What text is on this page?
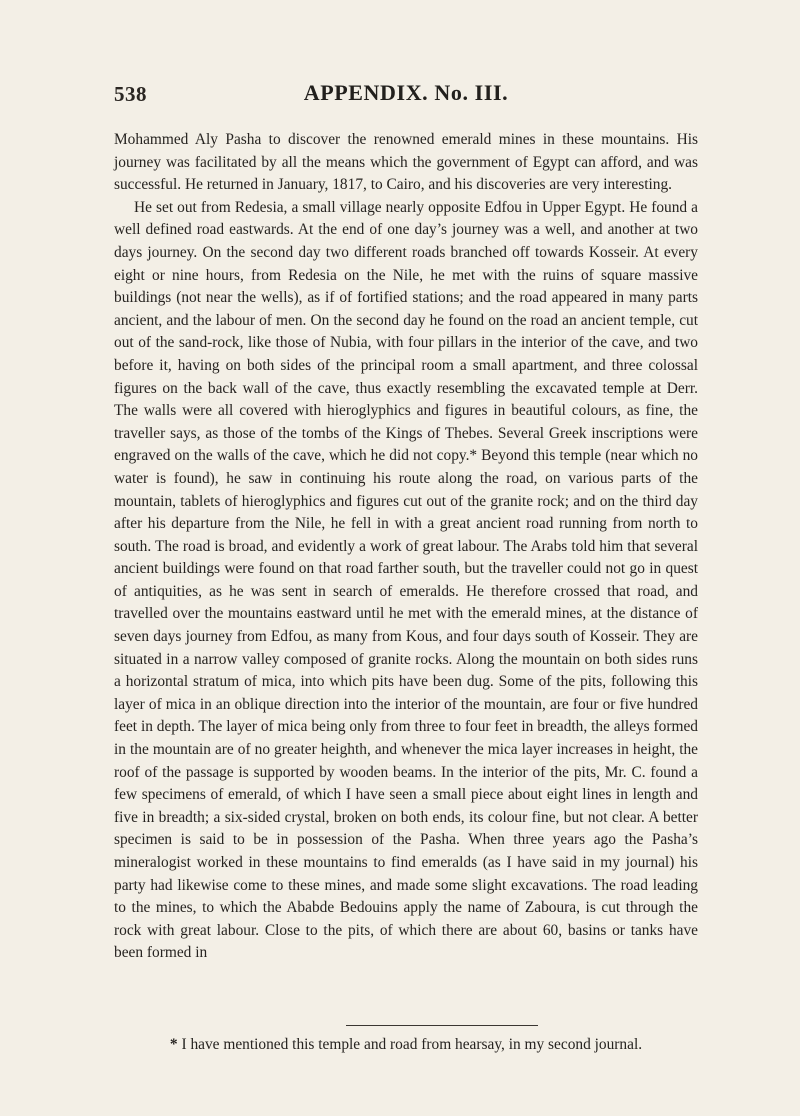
538	APPENDIX. No. III.

Mohammed Aly Pasha to discover the renowned emerald mines in these mountains. His journey was facilitated by all the means which the government of Egypt can afford, and was successful. He returned in January, 1817, to Cairo, and his discoveries are very interesting.

He set out from Redesia, a small village nearly opposite Edfou in Upper Egypt. He found a well defined road eastwards. At the end of one day’s journey was a well, and another at two days journey. On the second day two different roads branched off towards Kosseir. At every eight or nine hours, from Redesia on the Nile, he met with the ruins of square massive buildings (not near the wells), as if of fortified stations; and the road appeared in many parts ancient, and the labour of men. On the second day he found on the road an ancient temple, cut out of the sand-rock, like those of Nubia, with four pillars in the interior of the cave, and two before it, having on both sides of the principal room a small apartment, and three colossal figures on the back wall of the cave, thus exactly resembling the excavated temple at Derr. The walls were all covered with hieroglyphics and figures in beautiful colours, as fine, the traveller says, as those of the tombs of the Kings of Thebes. Several Greek inscriptions were engraved on the walls of the cave, which he did not copy.* Beyond this temple (near which no water is found), he saw in continuing his route along the road, on various parts of the mountain, tablets of hieroglyphics and figures cut out of the granite rock; and on the third day after his departure from the Nile, he fell in with a great ancient road running from north to south. The road is broad, and evidently a work of great labour. The Arabs told him that several ancient buildings were found on that road farther south, but the traveller could not go in quest of antiquities, as he was sent in search of emeralds. He therefore crossed that road, and travelled over the mountains eastward until he met with the emerald mines, at the distance of seven days journey from Edfou, as many from Kous, and four days south of Kosseir. They are situated in a narrow valley composed of granite rocks. Along the mountain on both sides runs a horizontal stratum of mica, into which pits have been dug. Some of the pits, following this layer of mica in an oblique direction into the interior of the mountain, are four or five hundred feet in depth. The layer of mica being only from three to four feet in breadth, the alleys formed in the mountain are of no greater heighth, and whenever the mica layer increases in height, the roof of the passage is supported by wooden beams. In the interior of the pits, Mr. C. found a few specimens of emerald, of which I have seen a small piece about eight lines in length and five in breadth; a six-sided crystal, broken on both ends, its colour fine, but not clear. A better specimen is said to be in possession of the Pasha. When three years ago the Pasha’s mineralogist worked in these mountains to find emeralds (as I have said in my journal) his party had likewise come to these mines, and made some slight excavations. The road leading to the mines, to which the Ababde Bedouins apply the name of Zaboura, is cut through the rock with great labour. Close to the pits, of which there are about 60, basins or tanks have been formed in

* I have mentioned this temple and road from hearsay, in my second journal.
